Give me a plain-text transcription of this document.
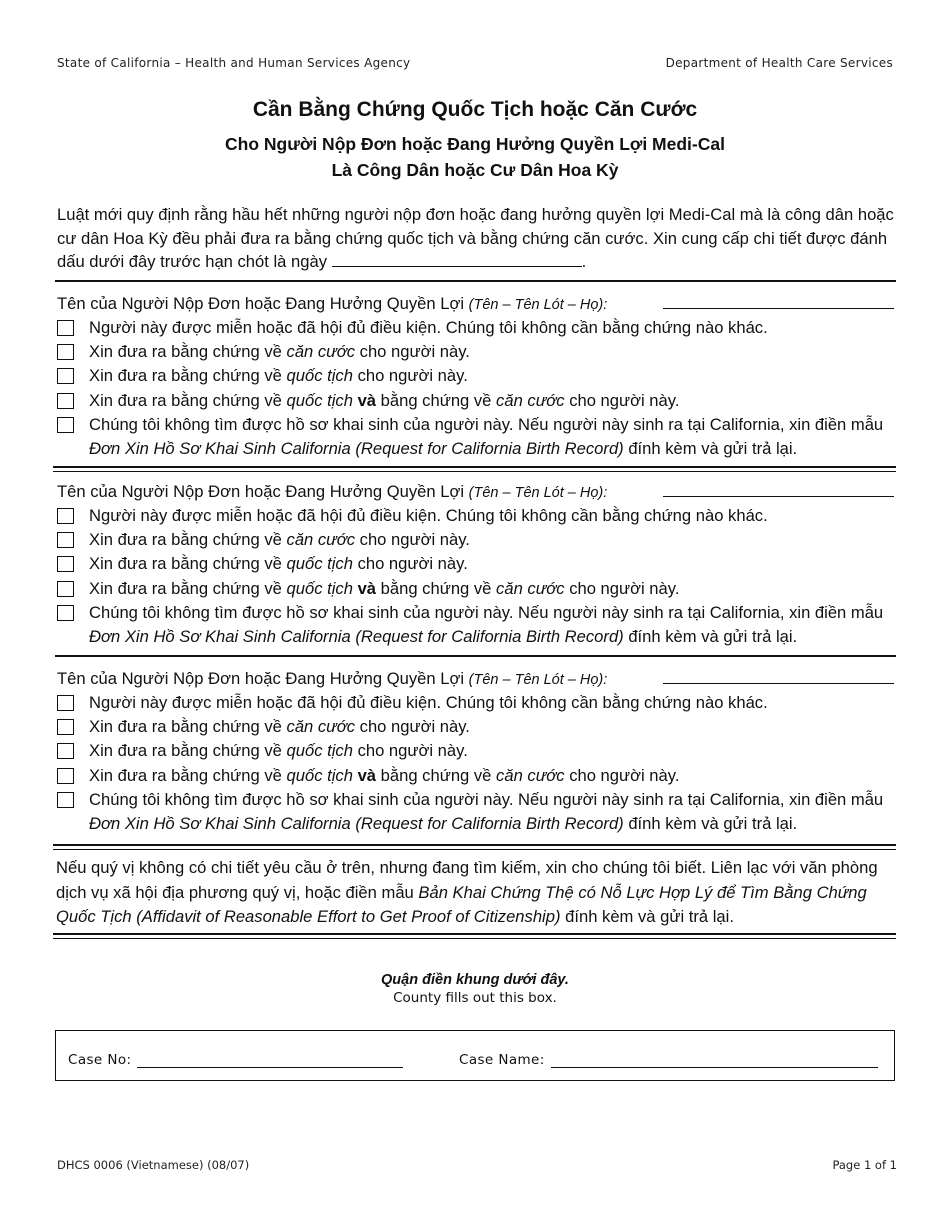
State of California – Health and Human Services Agency	Department of Health Care Services
Cần Bằng Chứng Quốc Tịch hoặc Căn Cước
Cho Người Nộp Đơn hoặc Đang Hưởng Quyền Lợi Medi-Cal
Là Công Dân hoặc Cư Dân Hoa Kỳ
Luật mới quy định rằng hầu hết những người nộp đơn hoặc đang hưởng quyền lợi Medi-Cal mà là công dân hoặc cư dân Hoa Kỳ đều phải đưa ra bằng chứng quốc tịch và bằng chứng căn cước. Xin cung cấp chi tiết được đánh dấu dưới đây trước hạn chót là ngày	.
Tên của Người Nộp Đơn hoặc Đang Hưởng Quyền Lợi (Tên – Tên Lót – Họ):
Người này được miễn hoặc đã hội đủ điều kiện. Chúng tôi không cần bằng chứng nào khác.
Xin đưa ra bằng chứng về căn cước cho người này.
Xin đưa ra bằng chứng về quốc tịch cho người này.
Xin đưa ra bằng chứng về quốc tịch và bằng chứng về căn cước cho người này.
Chúng tôi không tìm được hồ sơ khai sinh của người này. Nếu người này sinh ra tại California, xin điền mẫu Đơn Xin Hồ Sơ Khai Sinh California (Request for California Birth Record) đính kèm và gửi trả lại.
Tên của Người Nộp Đơn hoặc Đang Hưởng Quyền Lợi (Tên – Tên Lót – Họ):
Người này được miễn hoặc đã hội đủ điều kiện. Chúng tôi không cần bằng chứng nào khác.
Xin đưa ra bằng chứng về căn cước cho người này.
Xin đưa ra bằng chứng về quốc tịch cho người này.
Xin đưa ra bằng chứng về quốc tịch và bằng chứng về căn cước cho người này.
Chúng tôi không tìm được hồ sơ khai sinh của người này. Nếu người này sinh ra tại California, xin điền mẫu Đơn Xin Hồ Sơ Khai Sinh California (Request for California Birth Record) đính kèm và gửi trả lại.
Tên của Người Nộp Đơn hoặc Đang Hưởng Quyền Lợi (Tên – Tên Lót – Họ):
Người này được miễn hoặc đã hội đủ điều kiện. Chúng tôi không cần bằng chứng nào khác.
Xin đưa ra bằng chứng về căn cước cho người này.
Xin đưa ra bằng chứng về quốc tịch cho người này.
Xin đưa ra bằng chứng về quốc tịch và bằng chứng về căn cước cho người này.
Chúng tôi không tìm được hồ sơ khai sinh của người này. Nếu người này sinh ra tại California, xin điền mẫu Đơn Xin Hồ Sơ Khai Sinh California (Request for California Birth Record) đính kèm và gửi trả lại.
Nếu quý vị không có chi tiết yêu cầu ở trên, nhưng đang tìm kiếm, xin cho chúng tôi biết. Liên lạc với văn phòng dịch vụ xã hội địa phương quý vị, hoặc điền mẫu Bản Khai Chứng Thệ có Nỗ Lực Hợp Lý để Tìm Bằng Chứng Quốc Tịch (Affidavit of Reasonable Effort to Get Proof of Citizenship) đính kèm và gửi trả lại.
Quận điền khung dưới đây.
County fills out this box.
Case No:	Case Name:
DHCS 0006 (Vietnamese) (08/07)	Page 1 of 1
